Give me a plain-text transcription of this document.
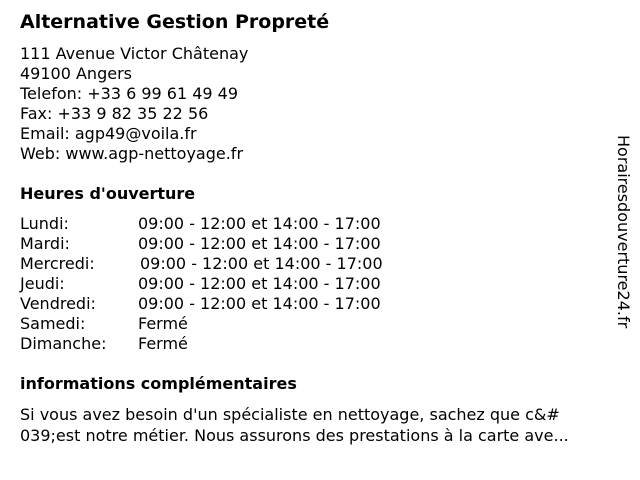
Alternative Gestion Propreté
111 Avenue Victor Châtenay
49100 Angers
Telefon: +33 6 99 61 49 49
Fax: +33 9 82 35 22 56
Email: agp49@voila.fr
Web: www.agp-nettoyage.fr
Heures d'ouverture
Lundi:	09:00 - 12:00 et 14:00 - 17:00
Mardi:	09:00 - 12:00 et 14:00 - 17:00
Mercredi:	09:00 - 12:00 et 14:00 - 17:00
Jeudi:	09:00 - 12:00 et 14:00 - 17:00
Vendredi:	09:00 - 12:00 et 14:00 - 17:00
Samedi:	Fermé
Dimanche: Fermé
informations complémentaires
Si vous avez besoin d'un spécialiste en nettoyage, sachez que c&#
039;est notre métier. Nous assurons des prestations à la carte ave...
Horairesdouverture24.fr
